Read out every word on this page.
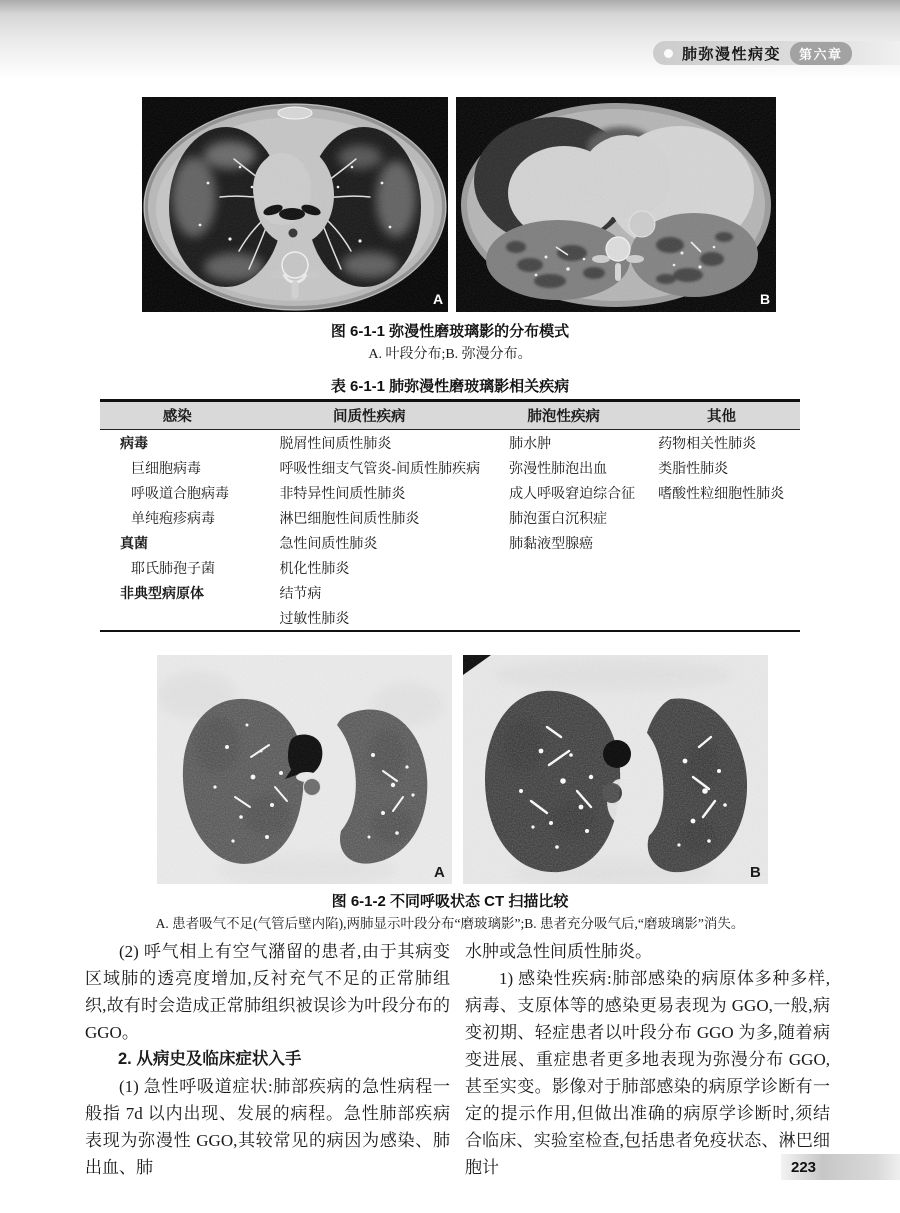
肺弥漫性病变	第六章
A	B
图 6-1-1 弥漫性磨玻璃影的分布模式
A. 叶段分布;B. 弥漫分布。
表 6-1-1 肺弥漫性磨玻璃影相关疾病
感染	间质性疾病	肺泡性疾病	其他
病毒	脱屑性间质性肺炎	肺水肿	药物相关性肺炎
巨细胞病毒	呼吸性细支气管炎-间质性肺疾病	弥漫性肺泡出血	类脂性肺炎
呼吸道合胞病毒	非特异性间质性肺炎	成人呼吸窘迫综合征	嗜酸性粒细胞性肺炎
单纯疱疹病毒	淋巴细胞性间质性肺炎	肺泡蛋白沉积症	
真菌	急性间质性肺炎	肺黏液型腺癌	
耶氏肺孢子菌	机化性肺炎		
非典型病原体	结节病		
	过敏性肺炎		
A	B
图 6-1-2 不同呼吸状态 CT 扫描比较
A. 患者吸气不足(气管后壁内陷),两肺显示叶段分布“磨玻璃影”;B. 患者充分吸气后,“磨玻璃影”消失。
(2) 呼气相上有空气潴留的患者,由于其病变区域肺的透亮度增加,反衬充气不足的正常肺组织,故有时会造成正常肺组织被误诊为叶段分布的 GGO。
2. 从病史及临床症状入手
(1) 急性呼吸道症状:肺部疾病的急性病程一般指 7d 以内出现、发展的病程。急性肺部疾病表现为弥漫性 GGO,其较常见的病因为感染、肺出血、肺
水肿或急性间质性肺炎。
1) 感染性疾病:肺部感染的病原体多种多样,病毒、支原体等的感染更易表现为 GGO,一般,病变初期、轻症患者以叶段分布 GGO 为多,随着病变进展、重症患者更多地表现为弥漫分布 GGO,甚至实变。影像对于肺部感染的病原学诊断有一定的提示作用,但做出准确的病原学诊断时,须结合临床、实验室检查,包括患者免疫状态、淋巴细胞计	223
